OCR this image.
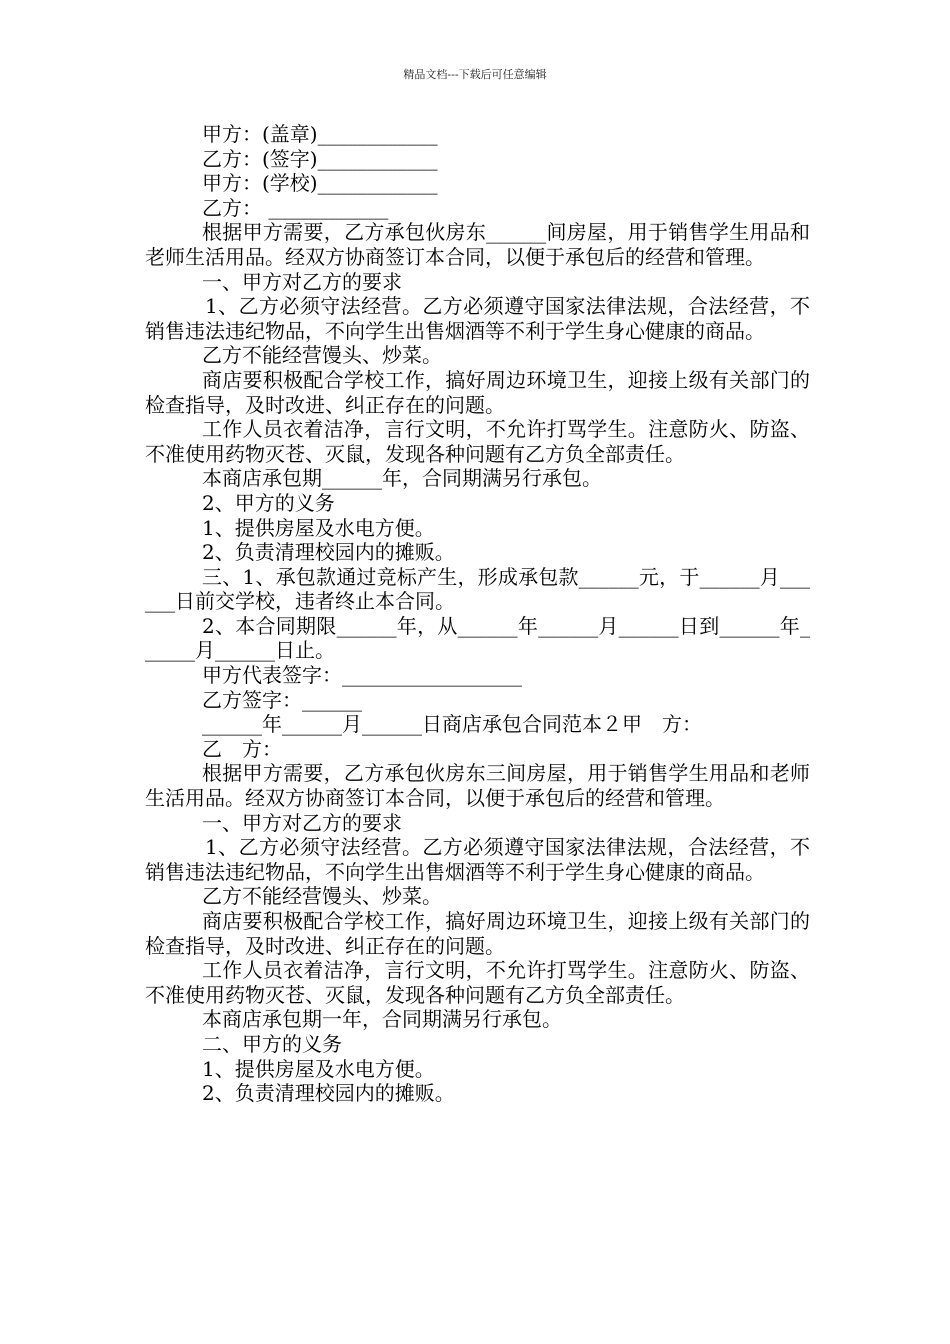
精品文档---下载后可任意编辑

甲方：(盖章)____________

乙方：(签字)____________

甲方：(学校)____________

乙方： ____________

根据甲方需要，乙方承包伙房东______间房屋，用于销售学生用品和老师生活用品。经双方协商签订本合同，以便于承包后的经营和管理。

一、甲方对乙方的要求

1、乙方必须守法经营。乙方必须遵守国家法律法规，合法经营，不销售违法违纪物品，不向学生出售烟酒等不利于学生身心健康的商品。

乙方不能经营馒头、炒菜。

商店要积极配合学校工作，搞好周边环境卫生，迎接上级有关部门的检查指导，及时改进、纠正存在的问题。

工作人员衣着洁净，言行文明，不允许打骂学生。注意防火、防盗、不准使用药物灭苍、灭鼠，发现各种问题有乙方负全部责任。

本商店承包期______年，合同期满另行承包。

2、甲方的义务

1、提供房屋及水电方便。

2、负责清理校园内的摊贩。

三、1、承包款通过竞标产生，形成承包款______元，于______月______日前交学校，违者终止本合同。

2、本合同期限______年，从______年______月______日到______年______月______日止。

甲方代表签字：__________________

乙方签字：______

______年______月______日商店承包合同范本２甲　方：

乙　方：

根据甲方需要，乙方承包伙房东三间房屋，用于销售学生用品和老师生活用品。经双方协商签订本合同，以便于承包后的经营和管理。

一、甲方对乙方的要求

1、乙方必须守法经营。乙方必须遵守国家法律法规，合法经营，不销售违法违纪物品，不向学生出售烟酒等不利于学生身心健康的商品。

乙方不能经营馒头、炒菜。

商店要积极配合学校工作，搞好周边环境卫生，迎接上级有关部门的检查指导，及时改进、纠正存在的问题。

工作人员衣着洁净，言行文明，不允许打骂学生。注意防火、防盗、不准使用药物灭苍、灭鼠，发现各种问题有乙方负全部责任。

本商店承包期一年，合同期满另行承包。

二、甲方的义务

1、提供房屋及水电方便。

2、负责清理校园内的摊贩。
